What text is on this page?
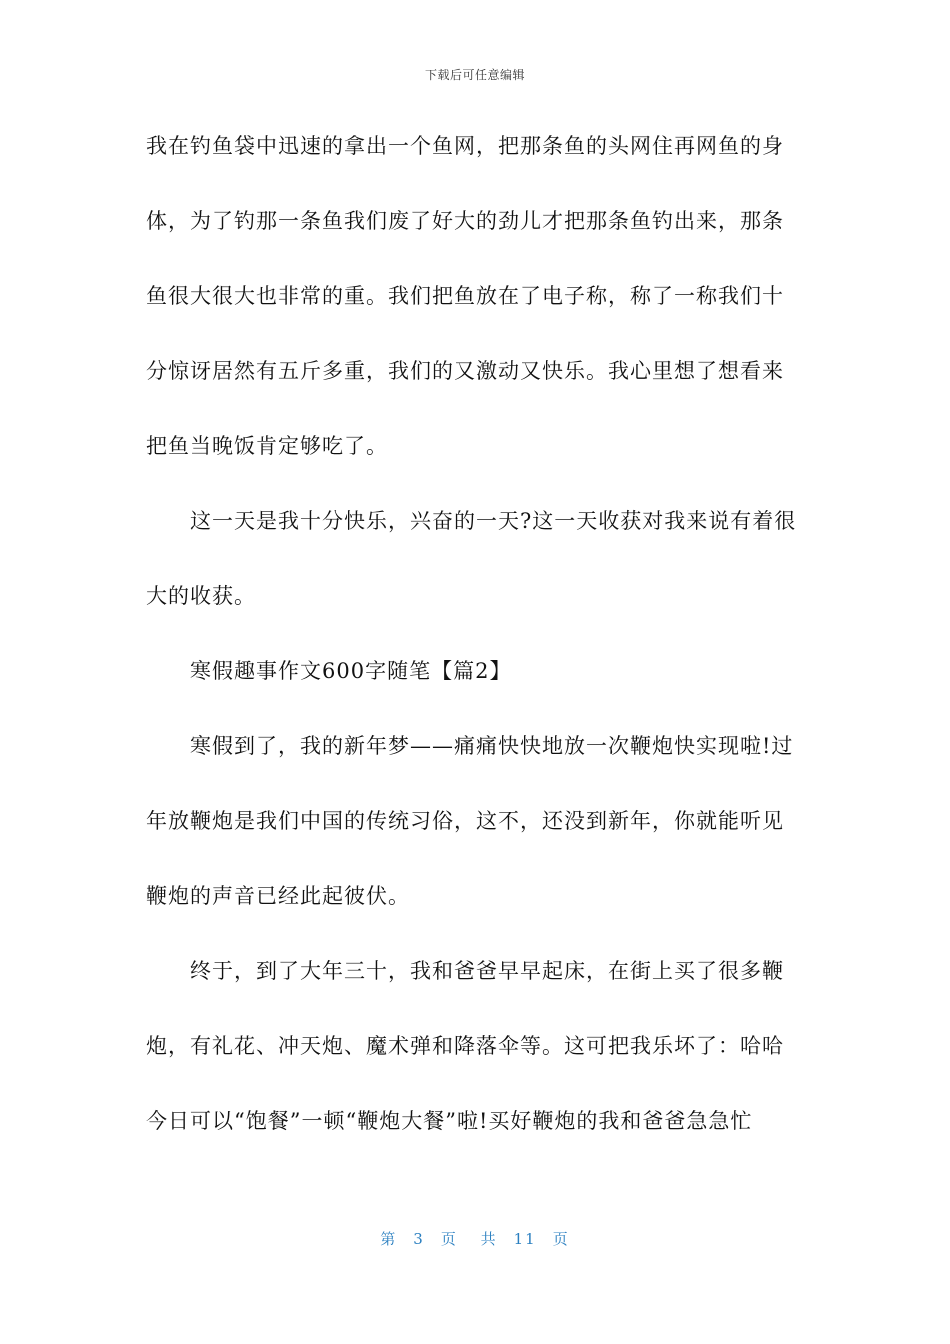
下载后可任意编辑
我在钓鱼袋中迅速的拿出一个鱼网，把那条鱼的头网住再网鱼的身
体，为了钓那一条鱼我们废了好大的劲儿才把那条鱼钓出来，那条
鱼很大很大也非常的重。我们把鱼放在了电子称，称了一称我们十
分惊讶居然有五斤多重，我们的又激动又快乐。我心里想了想看来
把鱼当晚饭肯定够吃了。
这一天是我十分快乐，兴奋的一天?这一天收获对我来说有着很
大的收获。
寒假趣事作文600字随笔【篇2】
寒假到了，我的新年梦——痛痛快快地放一次鞭炮快实现啦!过
年放鞭炮是我们中国的传统习俗，这不，还没到新年，你就能听见
鞭炮的声音已经此起彼伏。
终于，到了大年三十，我和爸爸早早起床，在街上买了很多鞭
炮，有礼花、冲天炮、魔术弹和降落伞等。这可把我乐坏了：哈哈
今日可以“饱餐”一顿“鞭炮大餐”啦!买好鞭炮的我和爸爸急急忙
第 3 页 共 11 页
